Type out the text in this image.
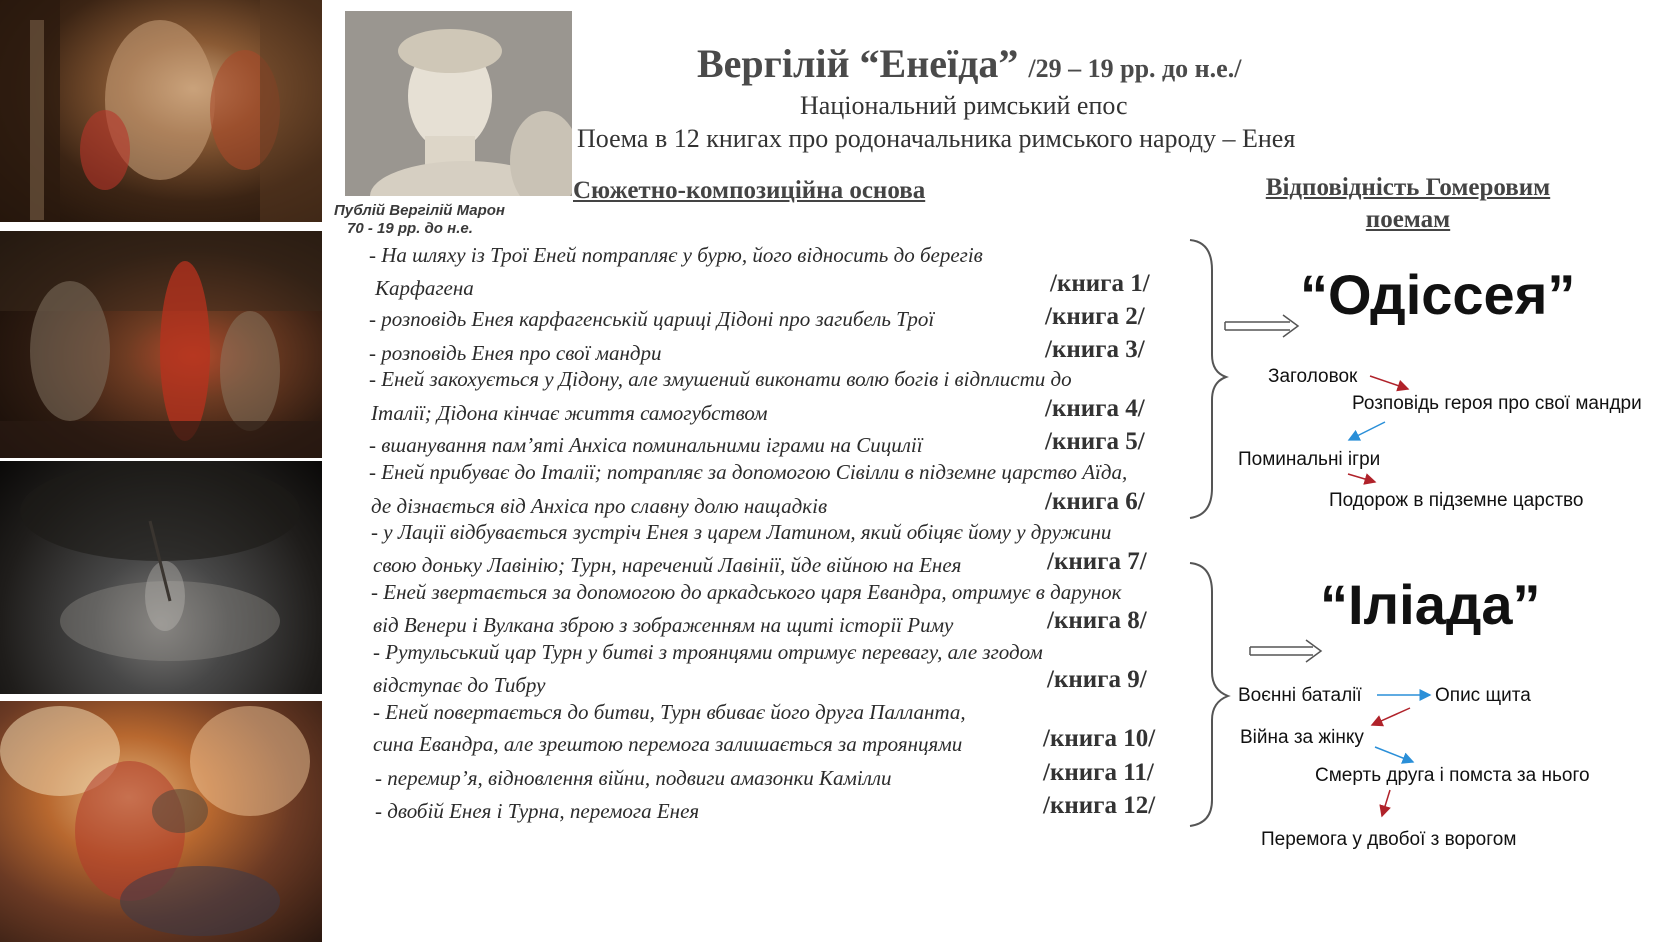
Публій Вергілій Марон
70 - 19 рр. до н.е.
Вергілій “Енеїда” /29 – 19 рр. до н.е./
Національний римський епос
Поема в 12 книгах про родоначальника римського народу – Енея
Сюжетно-композиційна основа	Відповідність Гомеровим
поемам
- На шляху із Трої Еней потрапляє у бурю, його відносить до берегів
Карфагена
- розповідь Енея карфагенській цариці Дідоні про загибель Трої
- розповідь Енея про свої мандри
- Еней закохується у Дідону, але змушений виконати волю богів і відплисти до
Італії; Дідона кінчає життя самогубством
- вшанування пам’яті Анхіса поминальними іграми на Сицилії
- Еней прибуває до Італії; потрапляє за допомогою Сівілли в підземне царство Аїда,
де дізнається від Анхіса про славну долю нащадків
- у Лації відбувається зустріч Енея з царем Латином, який обіцяє йому у дружини
свою доньку Лавінію; Турн, наречений Лавінії, йде війною на Енея
- Еней звертається за допомогою до аркадського царя Евандра, отримує в дарунок
від Венери і Вулкана зброю з зображенням на щиті історії Риму
- Рутульський цар Турн у битві з троянцями отримує перевагу, але згодом
відступає до Тибру
- Еней повертається до битви, Турн вбиває його друга Палланта,
сина Евандра, але зрештою перемога залишається за троянцями
- перемир’я, відновлення війни, подвиги амазонки Камілли
- двобій Енея і Турна, перемога Енея
/книга 1/
/книга 2/
/книга 3/
/книга 4/
/книга 5/
/книга 6/
/книга 7/
/книга 8/
/книга 9/
/книга 10/
/книга 11/
/книга 12/
“Одіссея”
Заголовок
Розповідь героя про свої мандри
Поминальні ігри
Подорож в підземне царство
“Іліада”
Воєнні баталії	Опис щита
Війна за жінку
Смерть друга і помста за нього
Перемога у двобої з ворогом
